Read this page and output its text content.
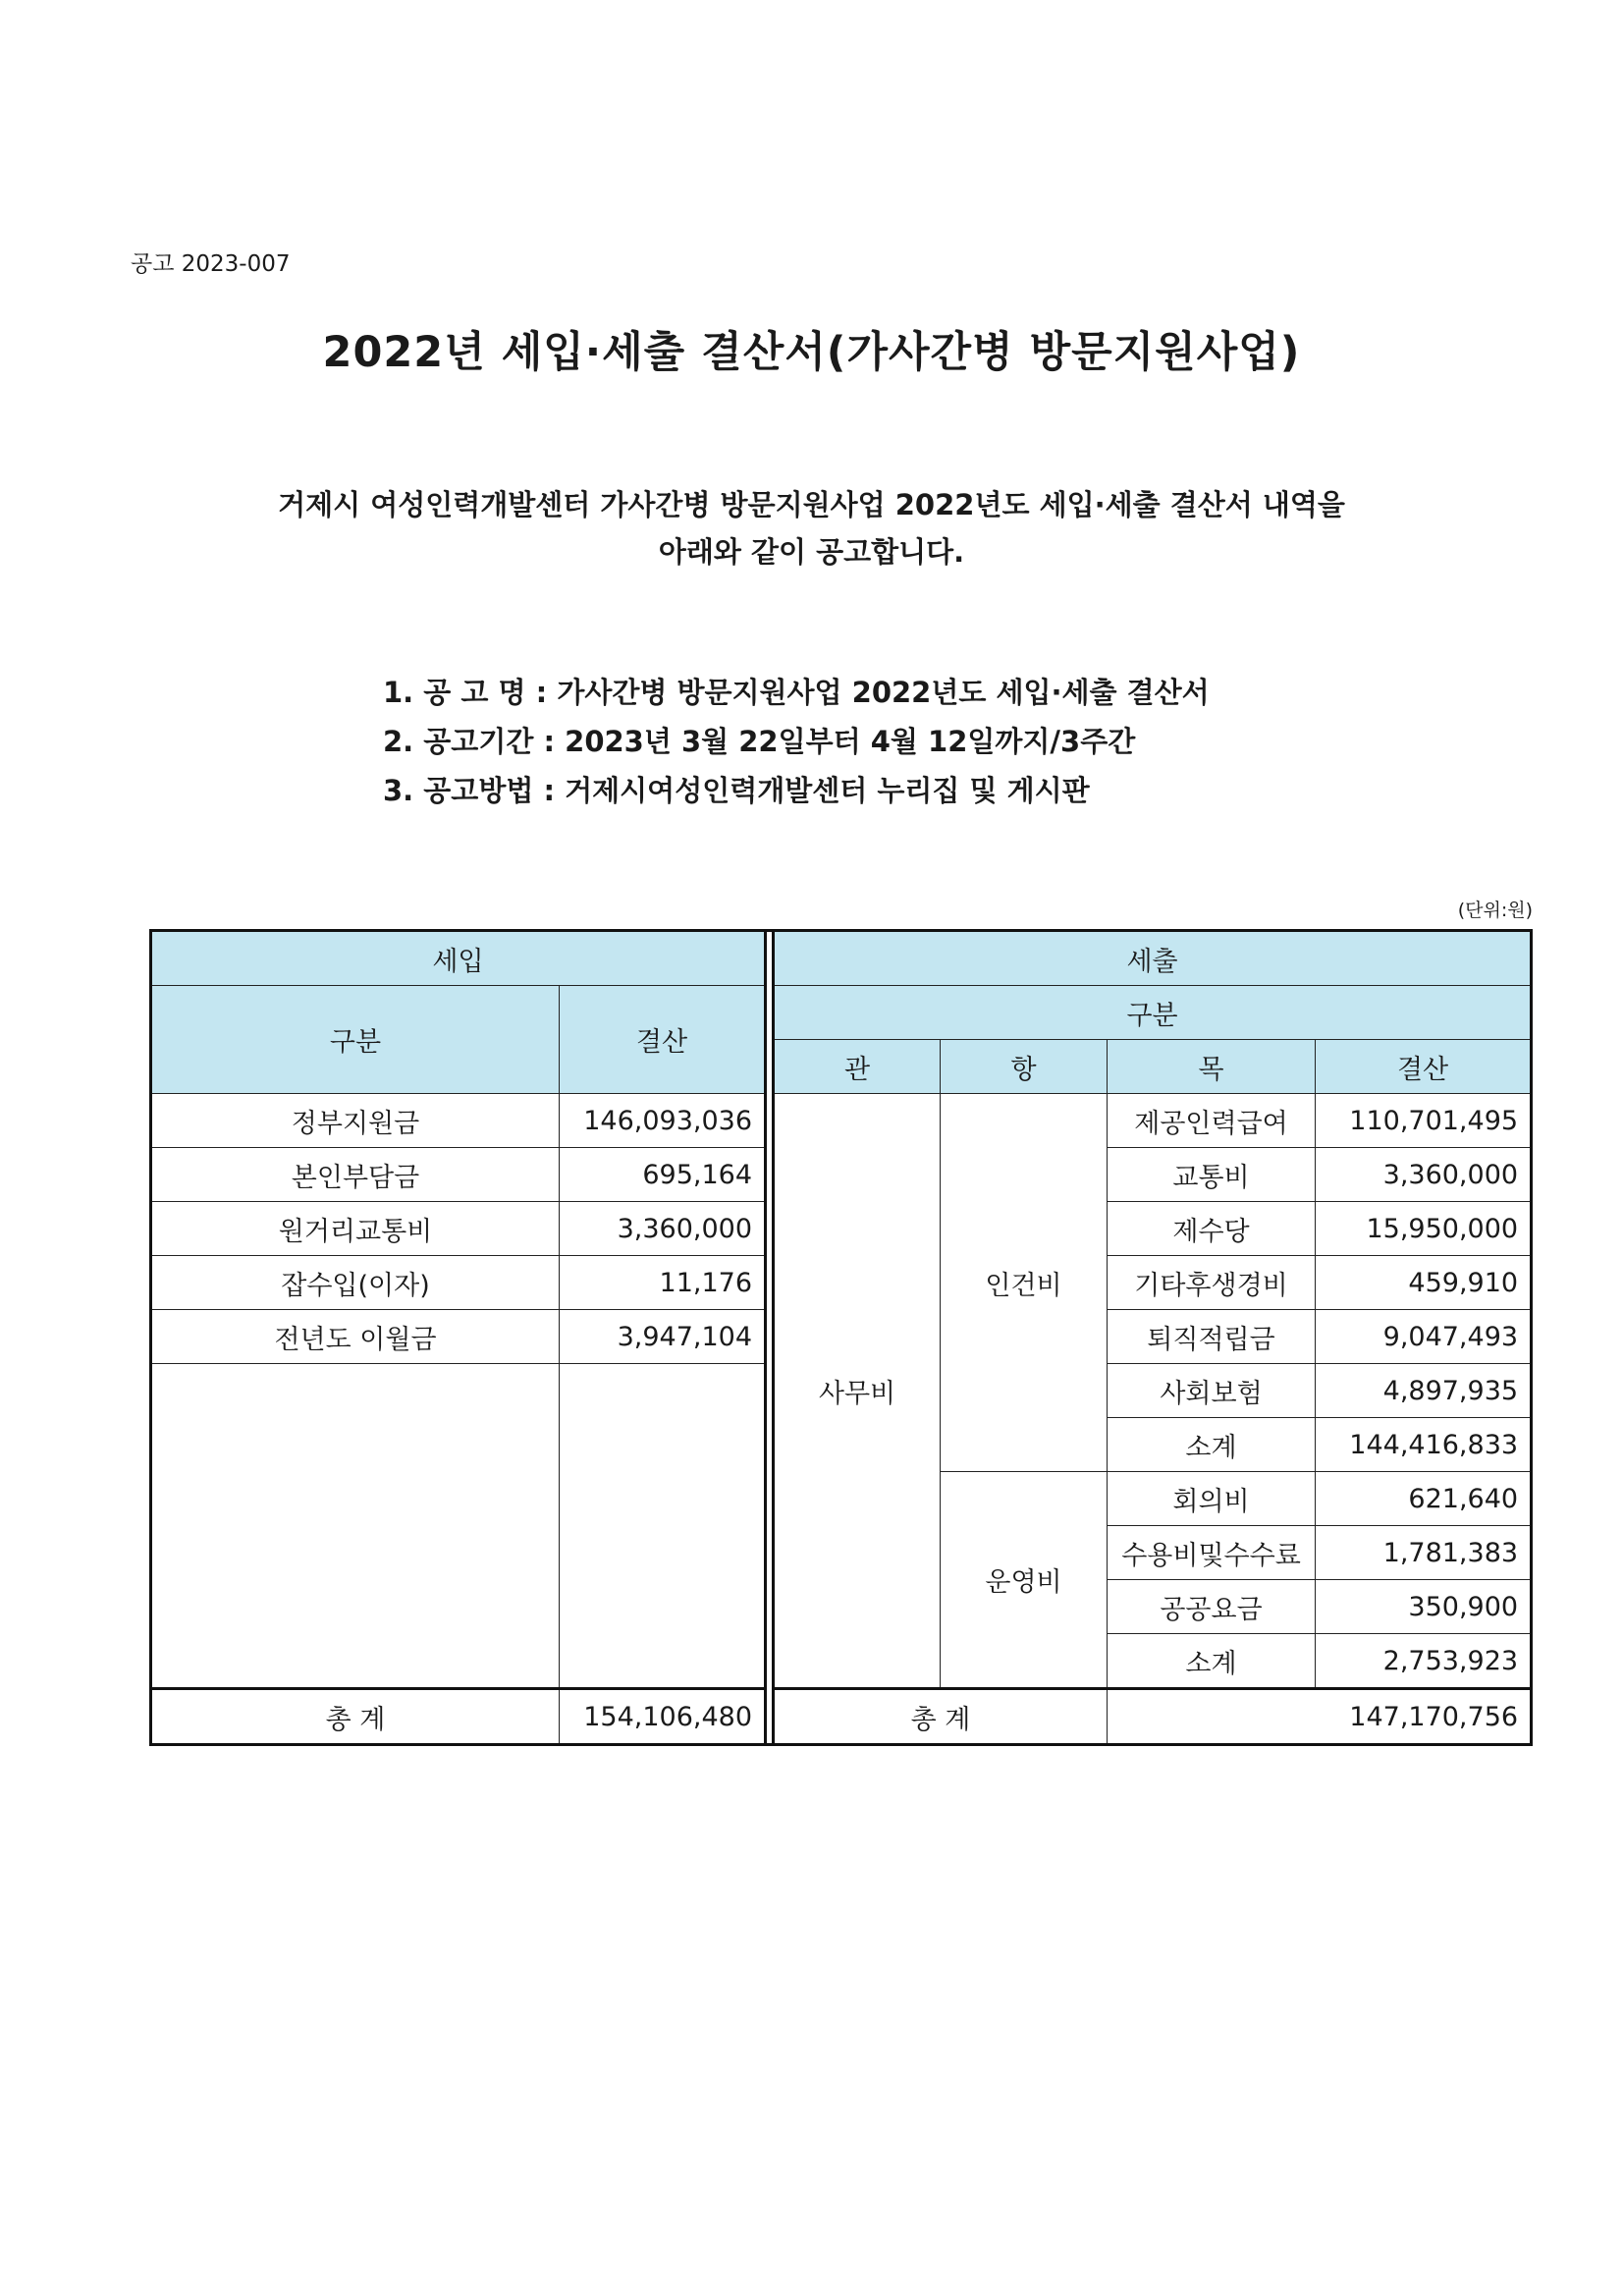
공고 2023-007
2022년 세입·세출 결산서(가사간병 방문지원사업)
거제시 여성인력개발센터 가사간병 방문지원사업 2022년도 세입·세출 결산서 내역을
아래와 같이 공고합니다.
1. 공 고 명 : 가사간병 방문지원사업 2022년도 세입·세출 결산서
2. 공고기간 : 2023년 3월 22일부터 4월 12일까지/3주간
3. 공고방법 : 거제시여성인력개발센터 누리집 및 게시판
(단위:원)
세입			세출			
구분	결산		구분			
			관	항	목	결산
정부지원금	146,093,036		사무비	인건비	제공인력급여	110,701,495
본인부담금	695,164				교통비	3,360,000
원거리교통비	3,360,000				제수당	15,950,000
잡수입(이자)	11,176				기타후생경비	459,910
전년도 이월금	3,947,104				퇴직적립금	9,047,493
					사회보험	4,897,935
					소계	144,416,833
				운영비	회의비	621,640
					수용비및수수료	1,781,383
					공공요금	350,900
					소계	2,753,923
총 계	154,106,480		총 계		147,170,756	
